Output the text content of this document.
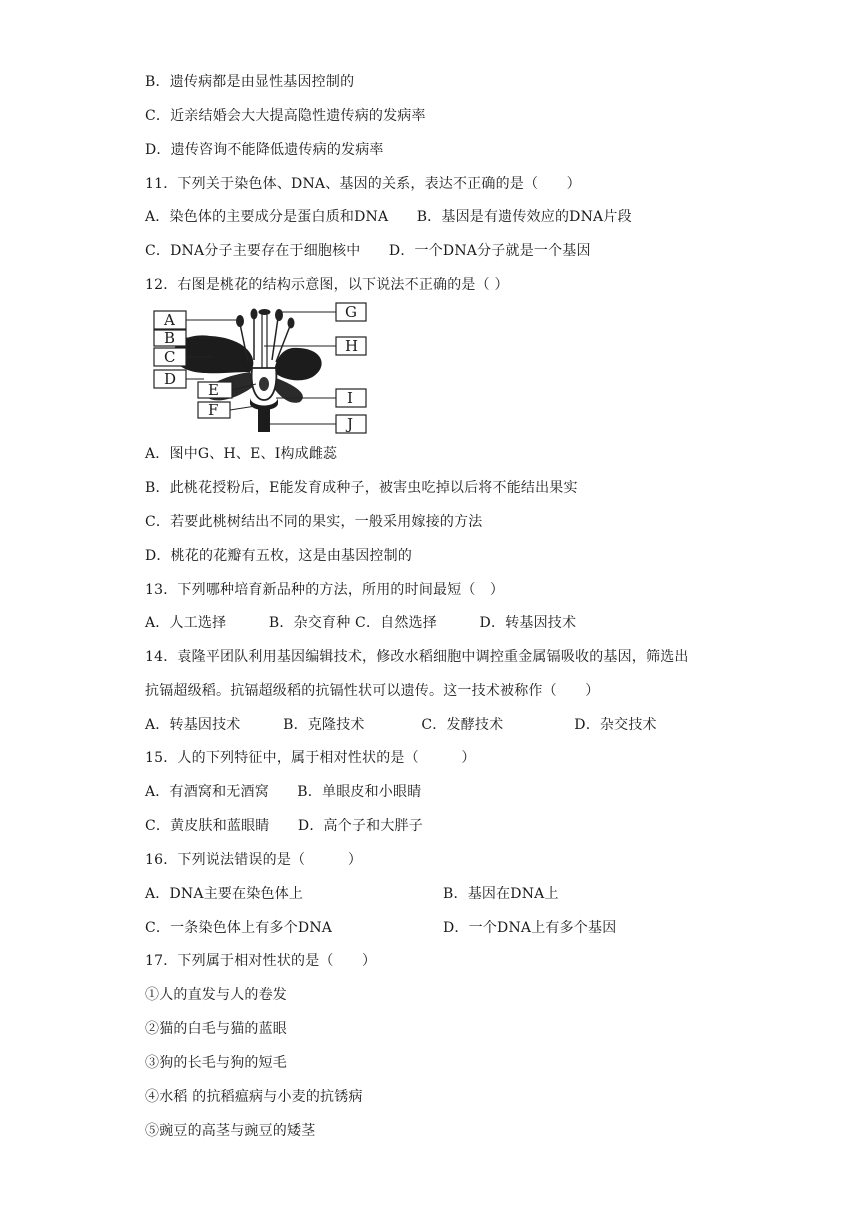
B．遗传病都是由显性基因控制的
C．近亲结婚会大大提高隐性遗传病的发病率
D．遗传咨询不能降低遗传病的发病率
11．下列关于染色体、DNA、基因的关系，表达不正确的是（　　）
A．染色体的主要成分是蛋白质和DNA　　B．基因是有遗传效应的DNA片段
C．DNA分子主要存在于细胞核中　　D．一个DNA分子就是一个基因
12．右图是桃花的结构示意图，以下说法不正确的是（ ）
A
B
C
D
E
F
G
H
I
J
A．图中G、H、E、I构成雌蕊
B．此桃花授粉后，E能发育成种子，被害虫吃掉以后将不能结出果实
C．若要此桃树结出不同的果实，一般采用嫁接的方法
D．桃花的花瓣有五枚，这是由基因控制的
13．下列哪种培育新品种的方法，所用的时间最短（　）
A．人工选择　　　B．杂交育种 C．自然选择　　　D．转基因技术
14．袁隆平团队利用基因编辑技术，修改水稻细胞中调控重金属镉吸收的基因，筛选出
抗镉超级稻。抗镉超级稻的抗镉性状可以遗传。这一技术被称作（　　）
A．转基因技术　　　B．克隆技术　　　　C．发酵技术　　　　　D．杂交技术
15．人的下列特征中，属于相对性状的是（　　　）
A．有酒窝和无酒窝　　B．单眼皮和小眼睛
C．黄皮肤和蓝眼睛　　D．高个子和大胖子
16．下列说法错误的是（　　　）
A．DNA主要在染色体上	B．基因在DNA上
C．一条染色体上有多个DNA	D．一个DNA上有多个基因
17．下列属于相对性状的是（　　）
①人的直发与人的卷发
②猫的白毛与猫的蓝眼
③狗的长毛与狗的短毛
④水稻 的抗稻瘟病与小麦的抗锈病
⑤豌豆的高茎与豌豆的矮茎
